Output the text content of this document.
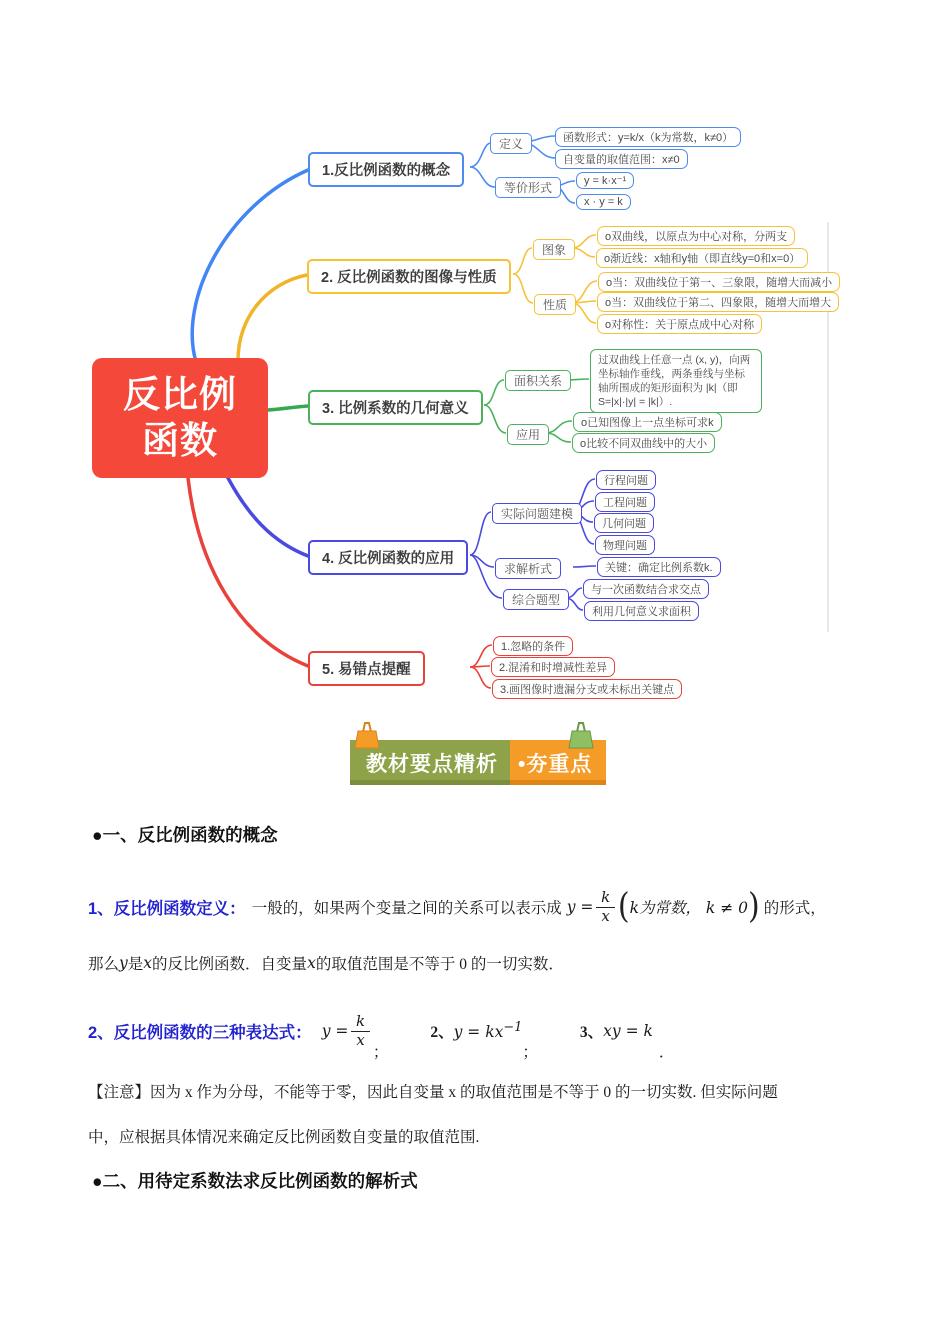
反比例
函数
1.反比例函数的概念
定义	函数形式：y=k/x（k为常数，k≠0）
自变量的取值范围：x≠0
等价形式	y = k·x⁻¹
x · y = k
2. 反比例函数的图像与性质
图象
o双曲线，以原点为中心对称，分两支
o渐近线：x轴和y轴（即直线y=0和x=0）
性质
o当：双曲线位于第一、三象限，随增大而减小
o当：双曲线位于第二、四象限，随增大而增大
o对称性：关于原点成中心对称
3. 比例系数的几何意义
面积关系
过双曲线上任意一点 (x, y)，向两坐标轴作垂线，两条垂线与坐标轴所围成的矩形面积为 |k|（即S=|x|·|y| = |k|）.
应用
o已知图像上一点坐标可求k
o比较不同双曲线中的大小
4. 反比例函数的应用
实际问题建模
行程问题
工程问题
几何问题
物理问题
求解析式	关键：确定比例系数k.
综合题型
与一次函数结合求交点
利用几何意义求面积
5. 易错点提醒
1.忽略的条件
2.混淆和时增减性差异
3.画图像时遗漏分支或未标出关键点
教材要点精析 •夯重点
●一、反比例函数的概念
1、反比例函数定义： 一般的，如果两个变量之间的关系可以表示成 $y = \frac{k}{x}$ ( k为常数， k ≠ 0 ) 的形式，
那么 y 是 x 的反比例函数．自变量 x 的取值范围是不等于 0 的一切实数．
2、反比例函数的三种表达式： $y = \frac{k}{x}$
；
2、 $y = kx^{-1}$
；
3、 xy = k
．
【注意】因为 x 作为分母，不能等于零，因此自变量 x 的取值范围是不等于 0 的一切实数. 但实际问题
中，应根据具体情况来确定反比例函数自变量的取值范围.
●二、用待定系数法求反比例函数的解析式
